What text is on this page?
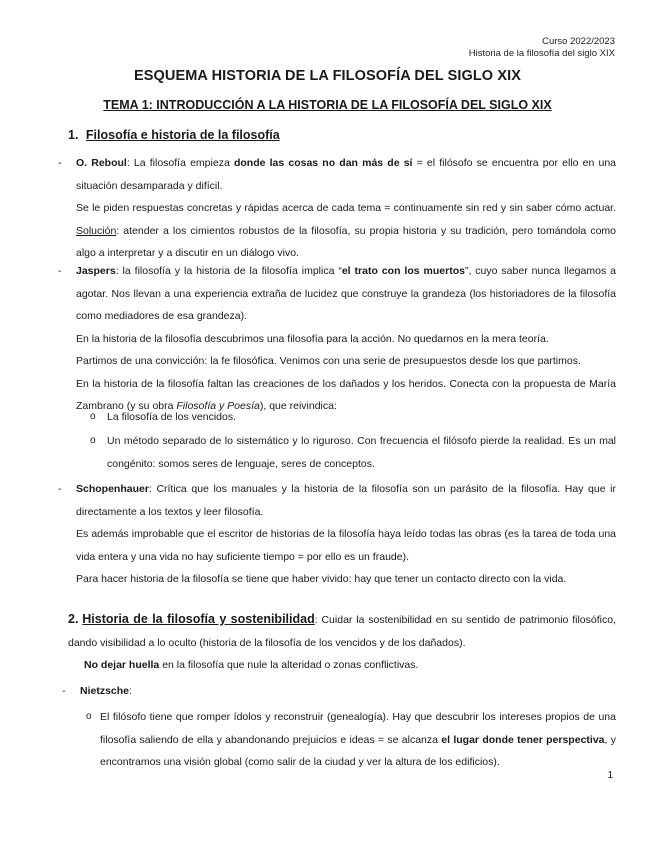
Curso 2022/2023
Historia de la filosofía del siglo XIX
ESQUEMA HISTORIA DE LA FILOSOFÍA DEL SIGLO XIX
TEMA 1: INTRODUCCIÓN A LA HISTORIA DE LA FILOSOFÍA DEL SIGLO XIX
1. Filosofía e historia de la filosofía
- O. Reboul: La filosofía empieza donde las cosas no dan más de sí = el filósofo se encuentra por ello en una situación desamparada y difícil.
Se le piden respuestas concretas y rápidas acerca de cada tema = continuamente sin red y sin saber cómo actuar. Solución: atender a los cimientos robustos de la filosofía, su propia historia y su tradición, pero tomándola como algo a interpretar y a discutir en un diálogo vivo.
- Jaspers: la filosofía y la historia de la filosofía implica “el trato con los muertos”, cuyo saber nunca llegamos a agotar. Nos llevan a una experiencia extraña de lucidez que construye la grandeza (los historiadores de la filosofía como mediadores de esa grandeza).
En la historia de la filosofía descubrimos una filosofía para la acción. No quedarnos en la mera teoría.
Partimos de una convicción: la fe filosófica. Venimos con una serie de presupuestos desde los que partimos.
En la historia de la filosofía faltan las creaciones de los dañados y los heridos. Conecta con la propuesta de María Zambrano (y su obra Filosofía y Poesía), que reivindica:
o La filosofía de los vencidos.
o Un método separado de lo sistemático y lo riguroso. Con frecuencia el filósofo pierde la realidad. Es un mal congénito: somos seres de lenguaje, seres de conceptos.
- Schopenhauer: Crítica que los manuales y la historia de la filosofía son un parásito de la filosofía. Hay que ir directamente a los textos y leer filosofía.
Es además improbable que el escritor de historias de la filosofía haya leído todas las obras (es la tarea de toda una vida entera y una vida no hay suficiente tiempo = por ello es un fraude).
Para hacer historia de la filosofía se tiene que haber vivido: hay que tener un contacto directo con la vida.
2. Historia de la filosofía y sostenibilidad: Cuidar la sostenibilidad en su sentido de patrimonio filosófico, dando visibilidad a lo oculto (historia de la filosofía de los vencidos y de los dañados).
No dejar huella en la filosofía que nule la alteridad o zonas conflictivas.
- Nietzsche:
o El filósofo tiene que romper ídolos y reconstruir (genealogía). Hay que descubrir los intereses propios de una filosofía saliendo de ella y abandonando prejuicios e ideas = se alcanza el lugar donde tener perspectiva, y encontramos una visión global (como salir de la ciudad y ver la altura de los edificios).
1
